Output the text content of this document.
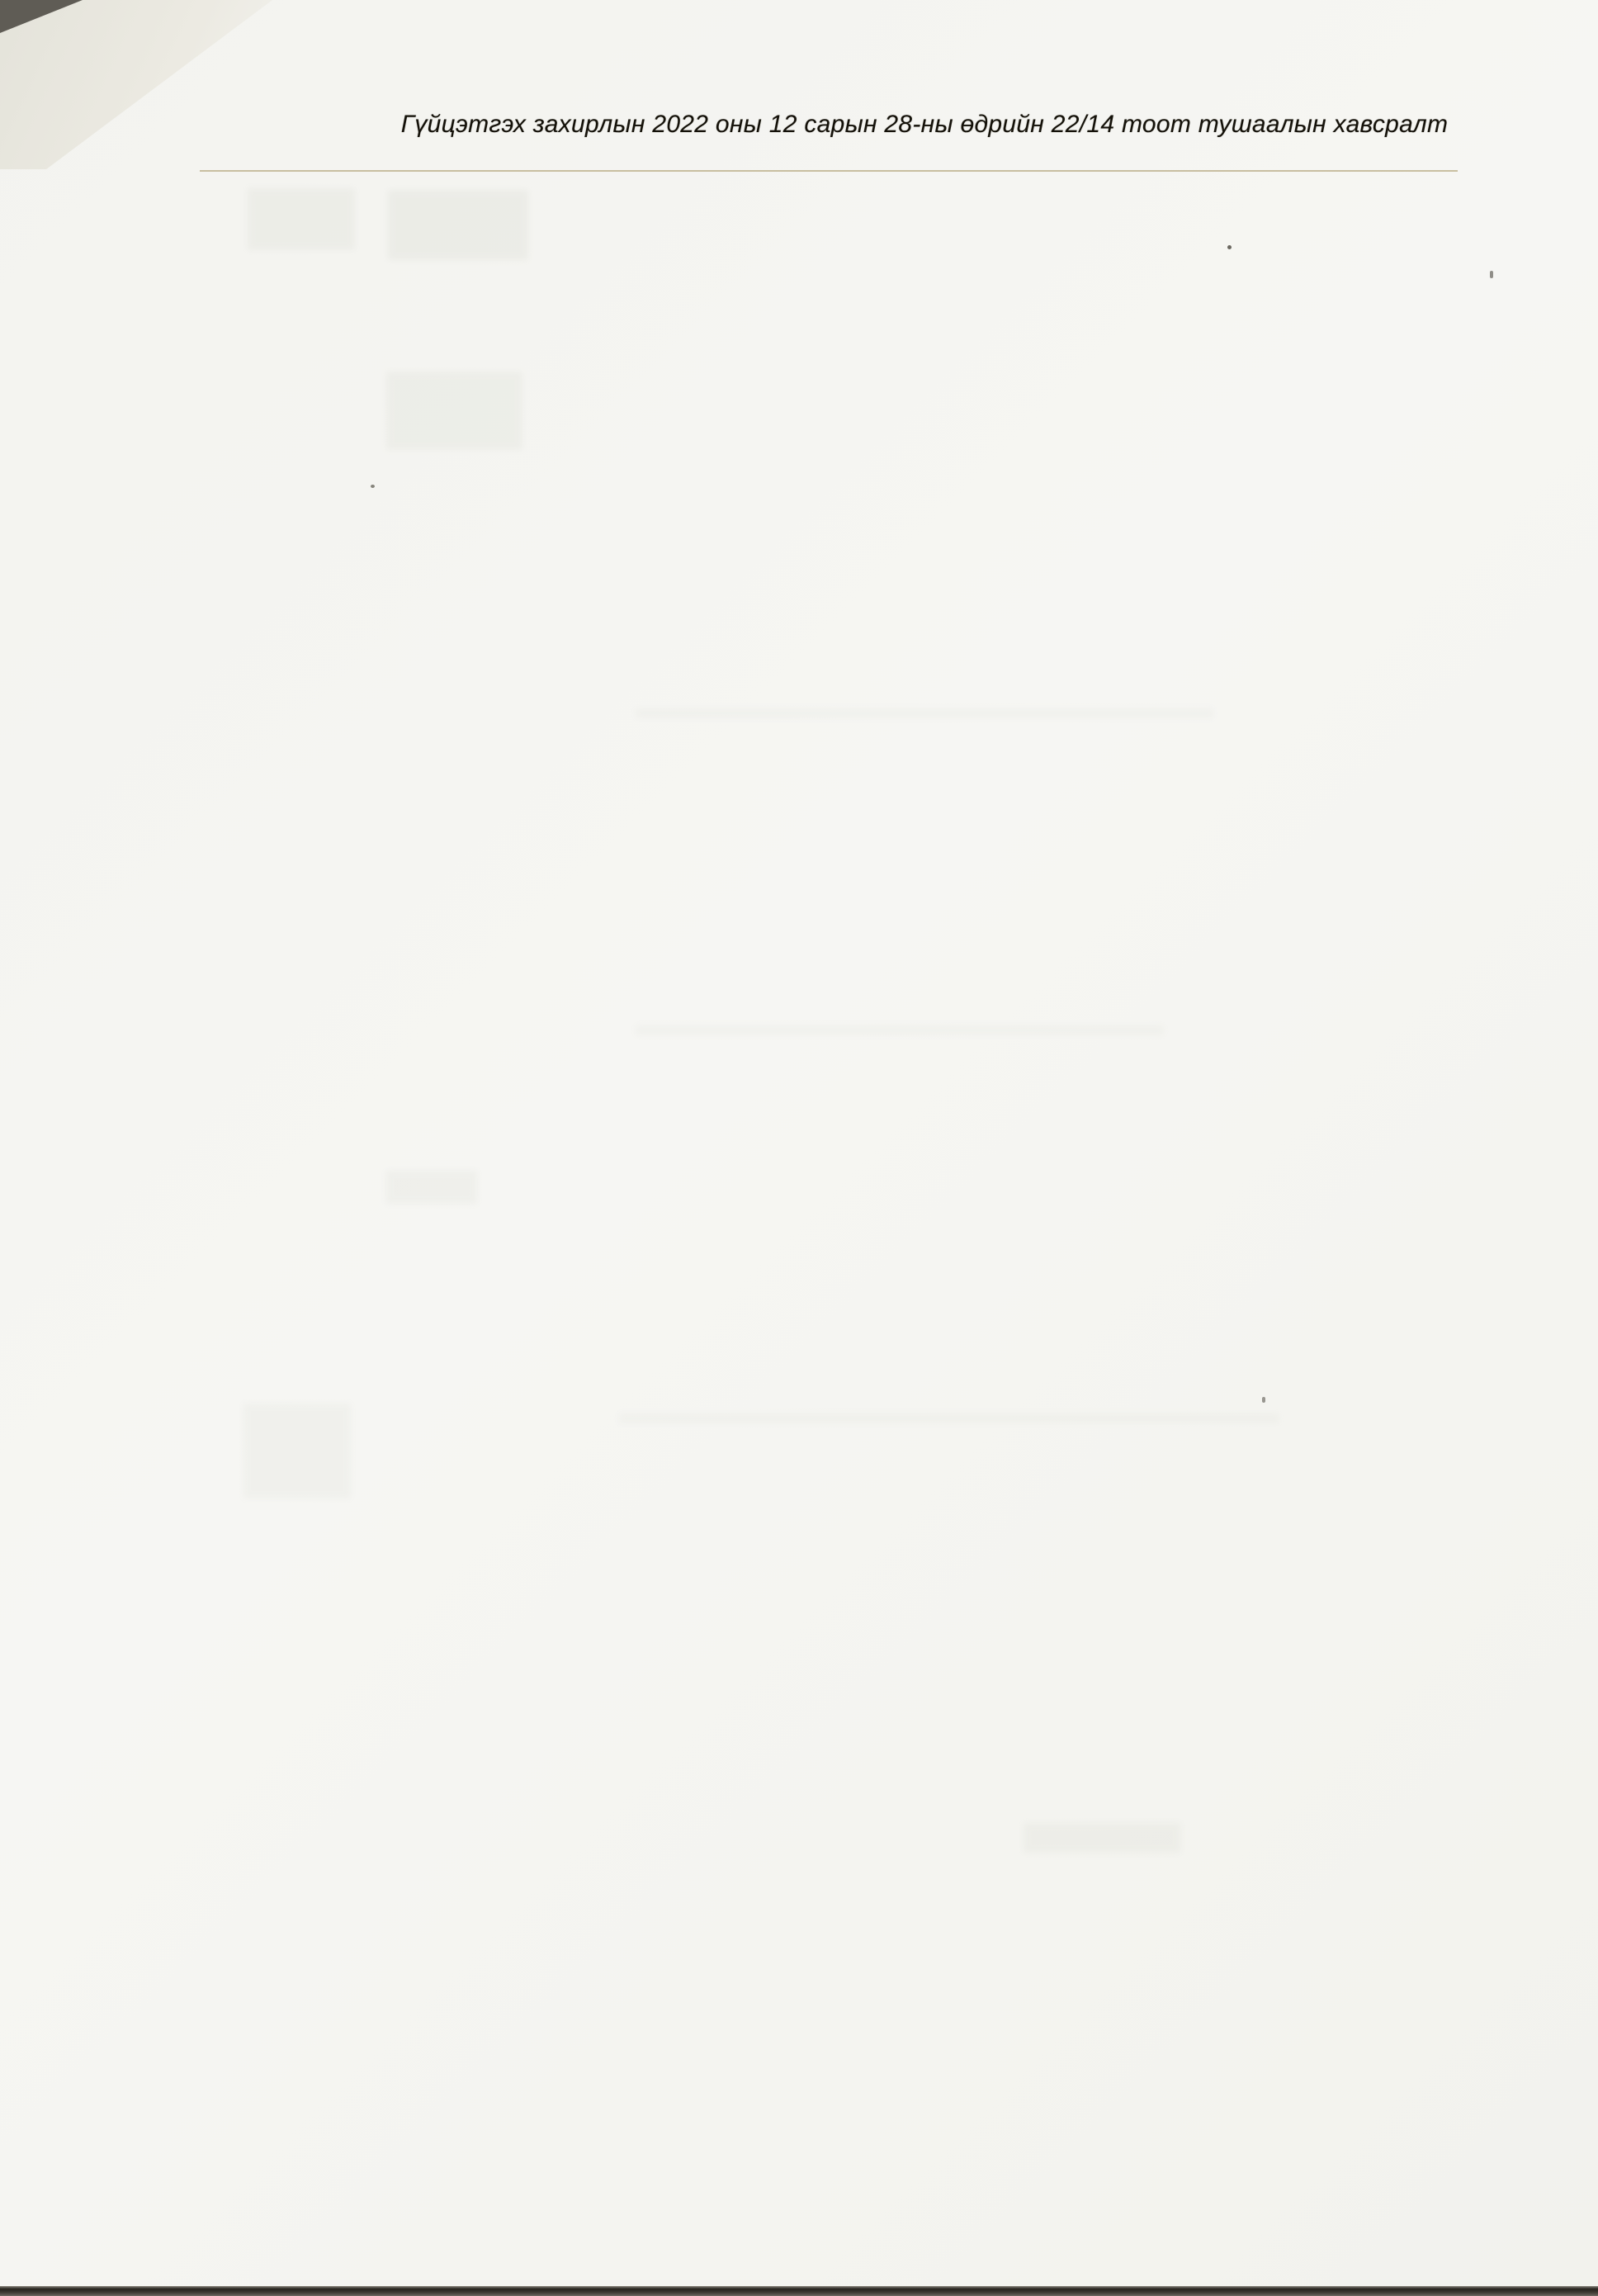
Гүйцэтгэх захирлын 2022 оны 12 сарын 28-ны өдрийн 22/14 тоот тушаалын хавсралт
